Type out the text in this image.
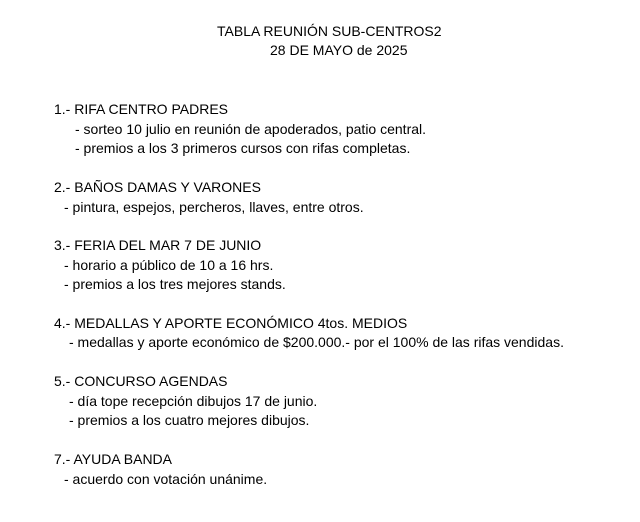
TABLA REUNIÓN SUB-CENTROS2
28 DE MAYO de 2025
1.- RIFA CENTRO PADRES
- sorteo 10 julio en reunión de apoderados, patio central.
- premios a los 3 primeros cursos con rifas completas.
2.- BAÑOS DAMAS Y VARONES
- pintura, espejos, percheros, llaves, entre otros.
3.- FERIA DEL MAR 7 DE JUNIO
- horario a público de 10 a 16 hrs.
- premios a los tres mejores stands.
4.- MEDALLAS Y APORTE ECONÓMICO 4tos. MEDIOS
- medallas y aporte económico de $200.000.- por el 100% de las rifas vendidas.
5.- CONCURSO AGENDAS
- día tope recepción dibujos 17 de junio.
- premios a los cuatro mejores dibujos.
7.- AYUDA BANDA
- acuerdo con votación unánime.
